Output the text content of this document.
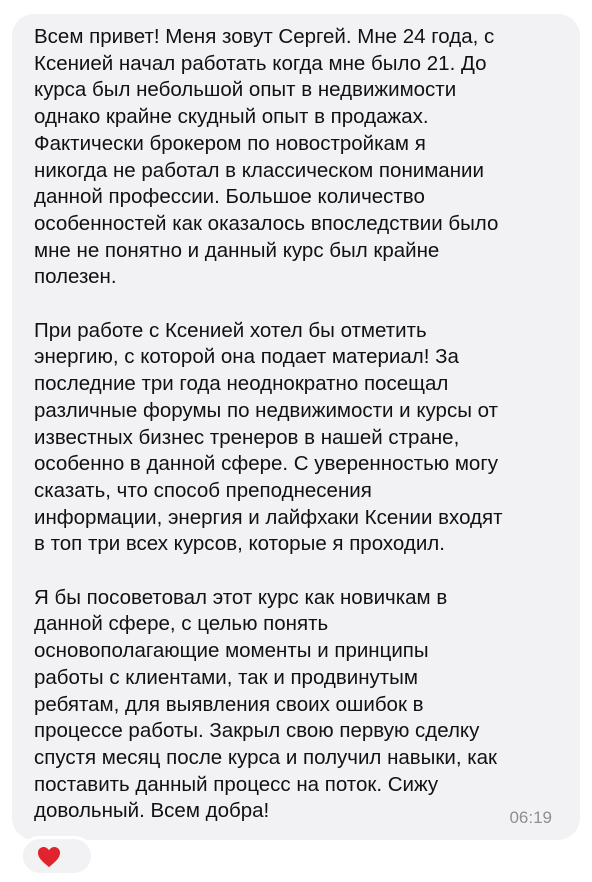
Всем привет! Меня зовут Сергей. Мне 24 года, с
Ксенией начал работать когда мне было 21. До
курса был небольшой опыт в недвижимости
однако крайне скудный опыт в продажах.
Фактически брокером по новостройкам я
никогда не работал в классическом понимании
данной профессии. Большое количество
особенностей как оказалось впоследствии было
мне не понятно и данный курс был крайне
полезен.

При работе с Ксенией хотел бы отметить
энергию, с которой она подает материал! За
последние три года неоднократно посещал
различные форумы по недвижимости и курсы от
известных бизнес тренеров в нашей стране,
особенно в данной сфере. С уверенностью могу
сказать, что способ преподнесения
информации, энергия и лайфхаки Ксении входят
в топ три всех курсов, которые я проходил.

Я бы посоветовал этот курс как новичкам в
данной сфере, с целью понять
основополагающие моменты и принципы
работы с клиентами, так и продвинутым
ребятам, для выявления своих ошибок в
процессе работы. Закрыл свою первую сделку
спустя месяц после курса и получил навыки, как
поставить данный процесс на поток. Сижу
довольный. Всем добра!	06:19
